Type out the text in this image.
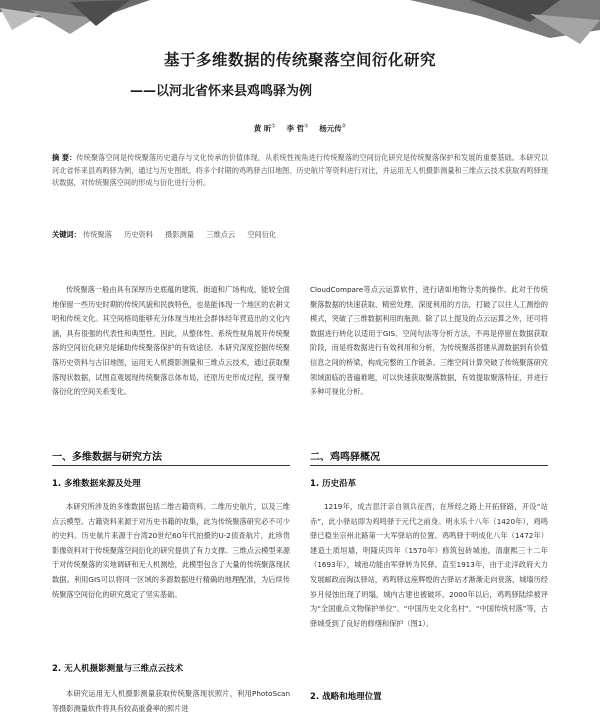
基于多维数据的传统聚落空间衍化研究
——以河北省怀来县鸡鸣驿为例
黄 昕① 李 哲① 杨元传②
摘 要：传统聚落空间是传统聚落历史遗存与文化传承的价值体现，从系统性视角进行传统聚落的空间衍化研究是传统聚落保护和发展的重要基础。本研究以河北省怀来县鸡鸣驿为例，通过与历史图纸、将多个时期的鸡鸣驿古旧地图、历史航片等资料进行对比，并运用无人机摄影测量和三维点云技术获取鸡鸣驿现状数据，对传统聚落空间的形成与衍化进行分析。
关键词： 传统聚落 历史资料 摄影测量 三维点云 空间衍化
传统聚落一般由具有深厚历史底蕴的建筑、街道和广场构成，能较全面地保留一些历史时期的传统风貌和民族特色，也是能体现一个地区的农耕文明和传统文化。其空间格局能够充分体现当地社会群体经年营造出的文化内涵，具有很强的代表性和典型性。因此，从整体性、系统性视角展开传统聚落的空间衍化研究是辅助传统聚落保护的有效途径。本研究深度挖掘传统聚落历史资料与古旧地图，运用无人机摄影测量和三维点云技术，通过获取聚落现状数据，试图直观展现传统聚落总体布局，还原历史形成过程，探寻聚落衍化的空间关系变化。
CloudCompare等点云运算软件，进行诸如地物分类的操作。此对于传统聚落数据的快速获取、精密处理、深度利用的方法，打破了以往人工测绘的模式，突破了三维数据利用的瓶颈。除了以上提及的点云运算之外，还可将数据进行转化以适用于GIS、空间句法等分析方法，不再是停留在数据获取阶段，而是将数据进行有效利用和分析，为传统聚落搭建从源数据到有价值信息之间的桥梁，构成完整的工作链条。三维空间计算突破了传统聚落研究领域面临的普遍难题，可以快速获取聚落数据，有效提取聚落特征，并进行多种可视化分析。
一、多维数据与研究方法	二、鸡鸣驿概况
1. 多维数据来源及处理
本研究所涉及的多维数据包括二维古籍资料、二维历史航片，以及三维点云模型。古籍资料来源于对历史书籍的收集，此为传统聚落研究必不可少的史料。历史航片来源于台湾20世纪60年代拍摄的U-2侦查航片，此珍贵影像资料对于传统聚落空间衍化的研究提供了有力支撑。三维点云模型来源于对传统聚落的实地调研和无人机测绘，此模型包含了大量的传统聚落现状数据。利用GIS可以将同一区域的多源数据进行精确的地理配准，为后续传统聚落空间衍化的研究奠定了坚实基础。
2. 无人机摄影测量与三维点云技术
本研究运用无人机摄影测量获取传统聚落现状照片，利用PhotoScan等摄影测量软件将具有较高重叠率的照片进
1. 历史沿革
1219年，成吉思汗亲自领兵征西，在所经之路上开拓驿路，开设“站赤”，此小驿站即为鸡鸣驿于元代之前身。明永乐十八年（1420年），鸡鸣驿已稳坐宗州北路第一大军驿站的位置。鸡鸣驿于明成化八年（1472年）建造土质垣墙，明隆庆四年（1570年）修筑包砖城池。清康熙三十二年（1693年），城池功能由军驿转为民驿。直至1913年，由于北洋政府大力发展邮政而淘汰驿站，鸡鸣驿这座辉煌的古驿站才渐渐走向衰落，城墙历经岁月侵蚀出现了坍塌，城内古建也被破坏。2000年以后，鸡鸣驿陆续被评为“全国重点文物保护单位”、“中国历史文化名村”、“中国传统村落”等，古驿城受到了良好的修缮和保护（图1）。
2. 战略和地理位置
